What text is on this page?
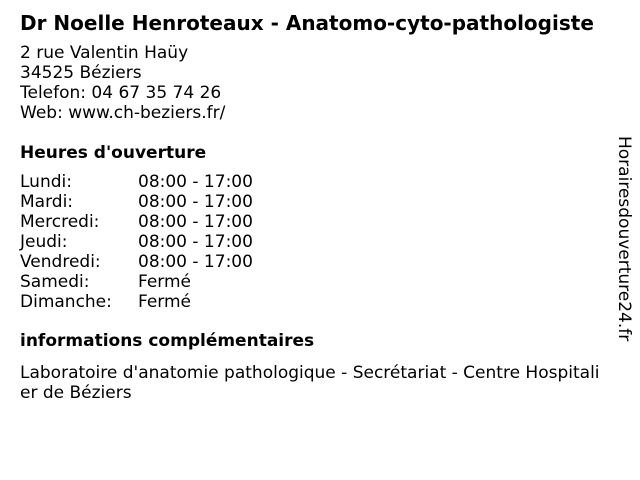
Dr Noelle Henroteaux - Anatomo-cyto-pathologiste

2 rue Valentin Haüy

34525 Béziers

Telefon: 04 67 35 74 26

Web: www.ch-beziers.fr/

Heures d'ouverture
Lundi:	08:00 - 17:00
Mardi:	08:00 - 17:00
Mercredi: 08:00 - 17:00
Jeudi:	08:00 - 17:00
Vendredi: 08:00 - 17:00
Samedi:	Fermé
Dimanche: Fermé
informations complémentaires

Laboratoire d'anatomie pathologique - Secrétariat - Centre Hospitalier de Béziers

Horairesdouverture24.fr
